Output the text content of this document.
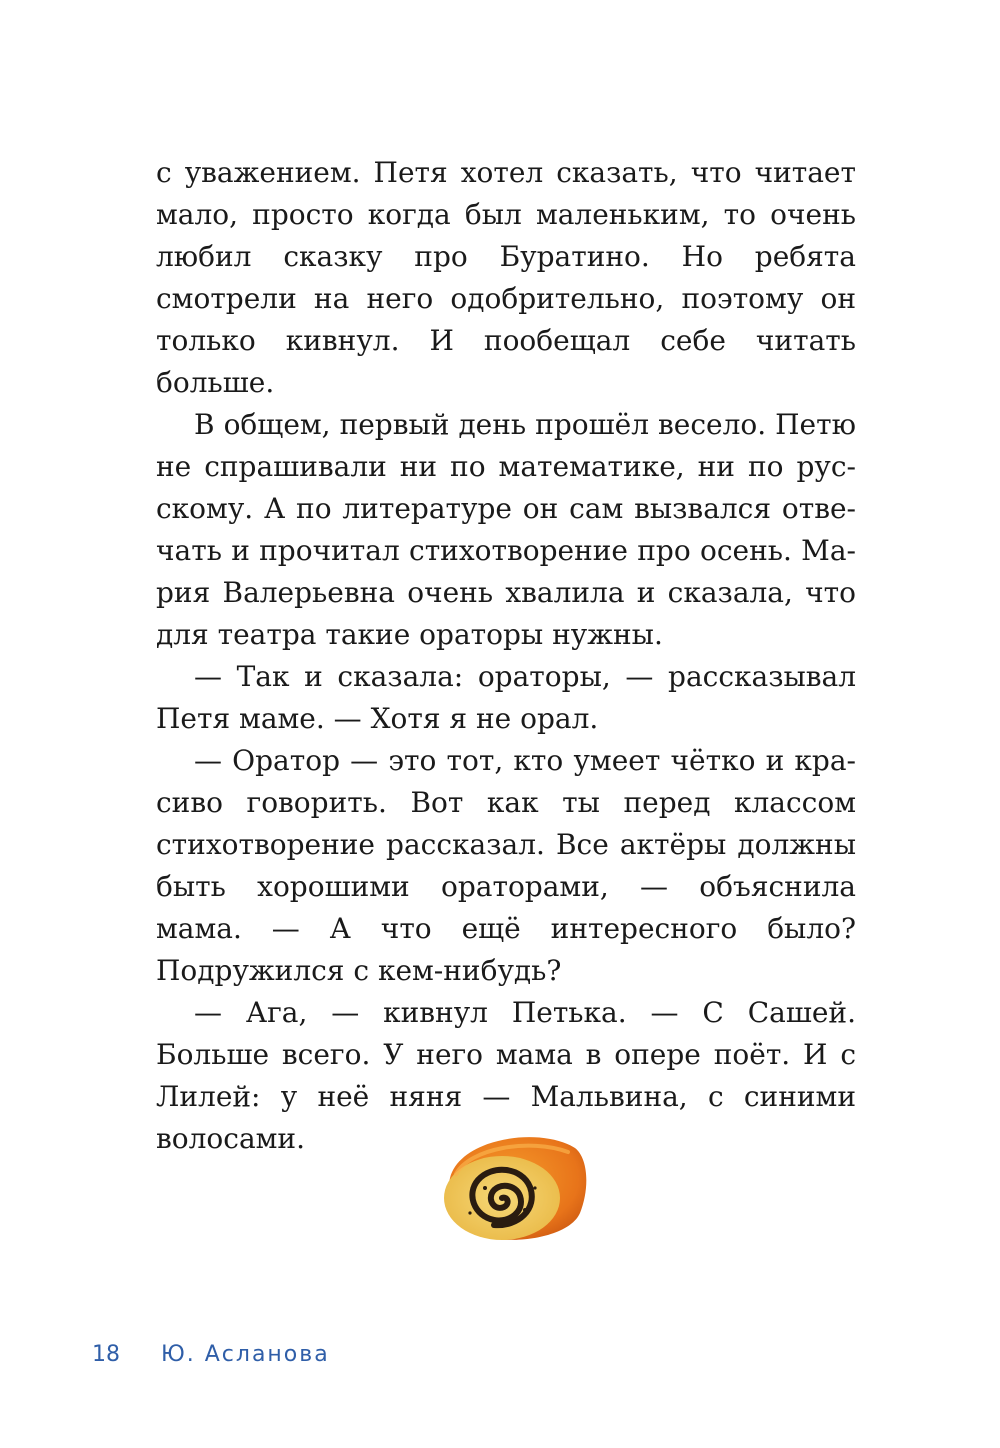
с уважением. Петя хотел сказать, что читает мало, просто когда был маленьким, то очень любил сказку про Буратино. Но ребята смотрели на него одобрительно, поэтому он только кивнул. И пообещал себе читать больше.

В общем, первый день прошёл весело. Петю не спрашивали ни по математике, ни по русскому. А по литературе он сам вызвался отвечать и прочитал стихотворение про осень. Мария Валерьевна очень хвалила и сказала, что для театра такие ораторы нужны.

— Так и сказала: ораторы, — рассказывал Петя маме. — Хотя я не орал.

— Оратор — это тот, кто умеет чётко и красиво говорить. Вот как ты перед классом стихотворение рассказал. Все актёры должны быть хорошими ораторами, — объяснила мама. — А что ещё интересного было? Подружился с кем-нибудь?

— Ага, — кивнул Петька. — С Сашей. Больше всего. У него мама в опере поёт. И с Лилей: у неё няня — Мальвина, с синими волосами.

18 Ю. Асланова
